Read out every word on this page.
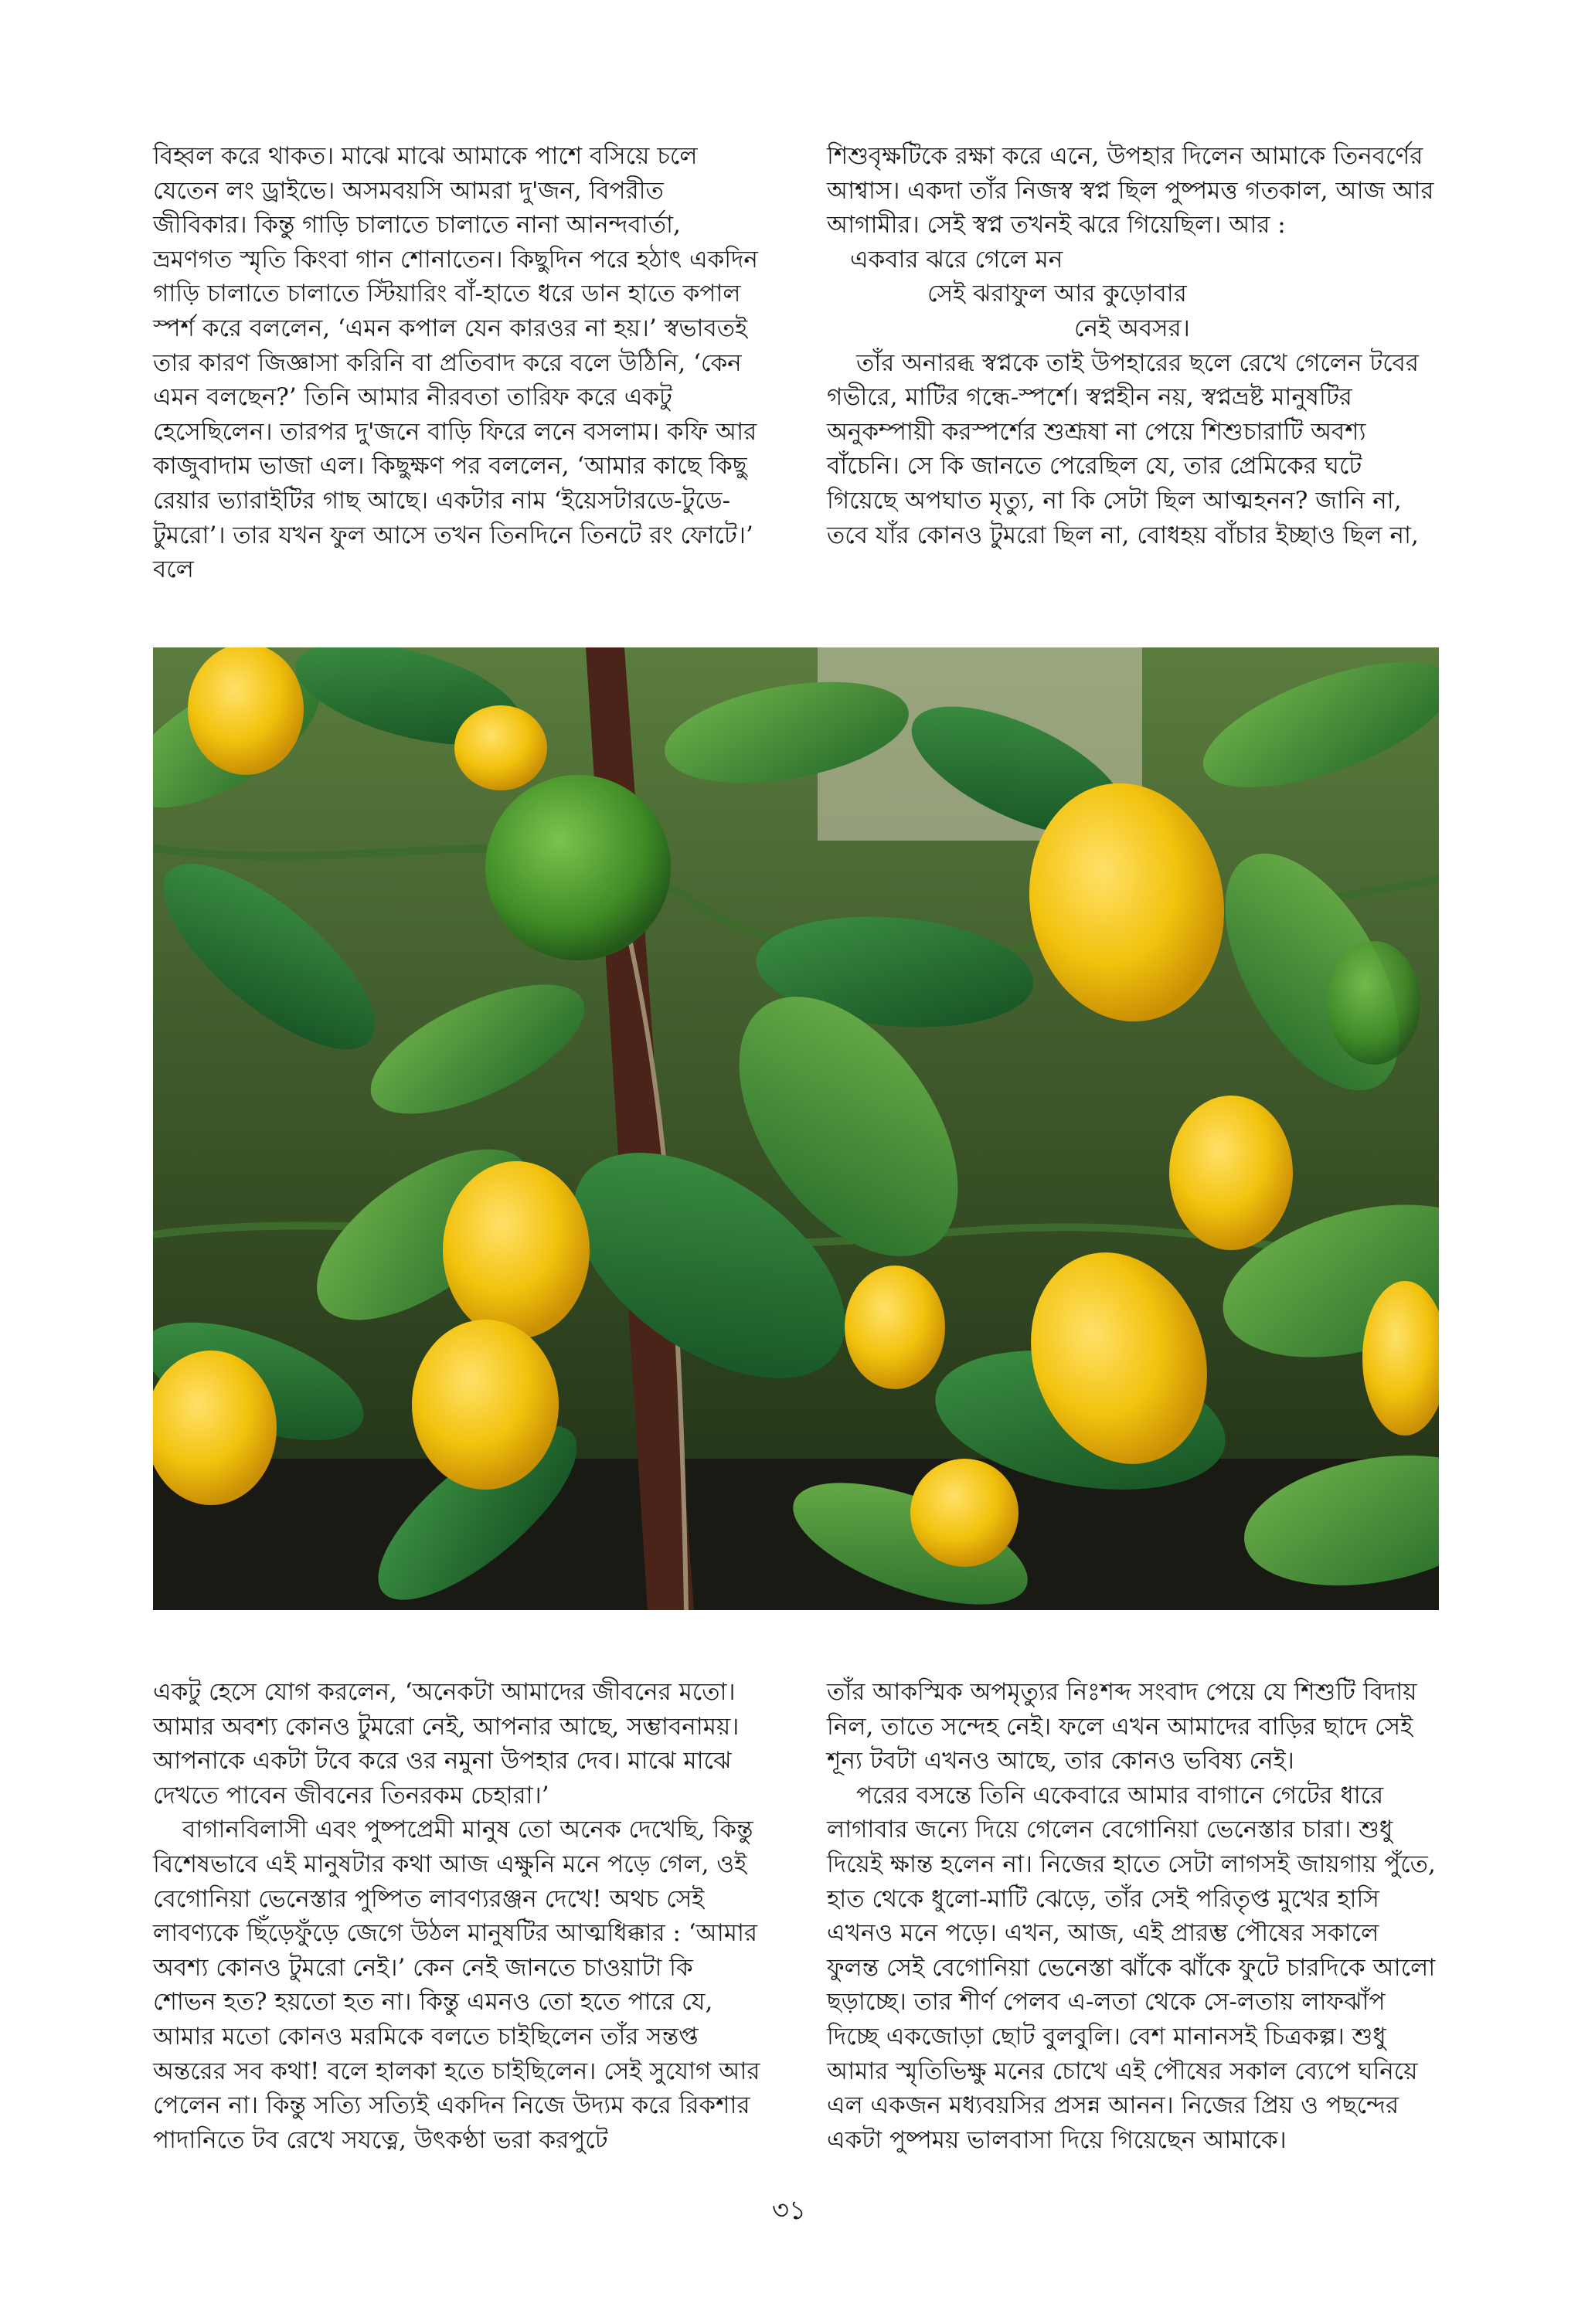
বিহ্বল করে থাকত। মাঝে মাঝে আমাকে পাশে বসিয়ে চলে যেতেন লং ড্রাইভে। অসমবয়সি আমরা দু'জন, বিপরীত জীবিকার। কিন্তু গাড়ি চালাতে চালাতে নানা আনন্দবার্তা, ভ্রমণগত স্মৃতি কিংবা গান শোনাতেন। কিছুদিন পরে হঠাৎ একদিন গাড়ি চালাতে চালাতে স্টিয়ারিং বাঁ-হাতে ধরে ডান হাতে কপাল স্পর্শ করে বললেন, ‘এমন কপাল যেন কারওর না হয়।’ স্বভাবতই তার কারণ জিজ্ঞাসা করিনি বা প্রতিবাদ করে বলে উঠিনি, ‘কেন এমন বলছেন?’ তিনি আমার নীরবতা তারিফ করে একটু হেসেছিলেন। তারপর দু'জনে বাড়ি ফিরে লনে বসলাম। কফি আর কাজুবাদাম ভাজা এল। কিছুক্ষণ পর বললেন, ‘আমার কাছে কিছু রেয়ার ভ্যারাইটির গাছ আছে। একটার নাম ‘ইয়েসটারডে-টুডে-টুমরো’। তার যখন ফুল আসে তখন তিনদিনে তিনটে রং ফোটে।’ বলে

শিশুবৃক্ষটিকে রক্ষা করে এনে, উপহার দিলেন আমাকে তিনবর্ণের আশ্বাস। একদা তাঁর নিজস্ব স্বপ্ন ছিল পুষ্পমত্ত গতকাল, আজ আর আগামীর। সেই স্বপ্ন তখনই ঝরে গিয়েছিল। আর :

একবার ঝরে গেলে মন

সেই ঝরাফুল আর কুড়োবার

নেই অবসর।

তাঁর অনারব্ধ স্বপ্নকে তাই উপহারের ছলে রেখে গেলেন টবের গভীরে, মাটির গন্ধে-স্পর্শে। স্বপ্নহীন নয়, স্বপ্নভ্রষ্ট মানুষটির অনুকম্পায়ী করস্পর্শের শুশ্রূষা না পেয়ে শিশুচারাটি অবশ্য বাঁচেনি। সে কি জানতে পেরেছিল যে, তার প্রেমিকের ঘটে গিয়েছে অপঘাত মৃত্যু, না কি সেটা ছিল আত্মহনন? জানি না, তবে যাঁর কোনও টুমরো ছিল না, বোধহয় বাঁচার ইচ্ছাও ছিল না,

একটু হেসে যোগ করলেন, ‘অনেকটা আমাদের জীবনের মতো। আমার অবশ্য কোনও টুমরো নেই, আপনার আছে, সম্ভাবনাময়। আপনাকে একটা টবে করে ওর নমুনা উপহার দেব। মাঝে মাঝে দেখতে পাবেন জীবনের তিনরকম চেহারা।’

বাগানবিলাসী এবং পুষ্পপ্রেমী মানুষ তো অনেক দেখেছি, কিন্তু বিশেষভাবে এই মানুষটার কথা আজ এক্ষুনি মনে পড়ে গেল, ওই বেগোনিয়া ভেনেস্তার পুষ্পিত লাবণ্যরঞ্জন দেখে! অথচ সেই লাবণ্যকে ছিঁড়েফুঁড়ে জেগে উঠল মানুষটির আত্মধিক্কার : ‘আমার অবশ্য কোনও টুমরো নেই।’ কেন নেই জানতে চাওয়াটা কি শোভন হত? হয়তো হত না। কিন্তু এমনও তো হতে পারে যে, আমার মতো কোনও মরমিকে বলতে চাইছিলেন তাঁর সন্তপ্ত অন্তরের সব কথা! বলে হালকা হতে চাইছিলেন। সেই সুযোগ আর পেলেন না। কিন্তু সত্যি সত্যিই একদিন নিজে উদ্যম করে রিকশার পাদানিতে টব রেখে সযত্নে, উৎকণ্ঠা ভরা করপুটে

তাঁর আকস্মিক অপমৃত্যুর নিঃশব্দ সংবাদ পেয়ে যে শিশুটি বিদায় নিল, তাতে সন্দেহ নেই। ফলে এখন আমাদের বাড়ির ছাদে সেই শূন্য টবটা এখনও আছে, তার কোনও ভবিষ্য নেই।

পরের বসন্তে তিনি একেবারে আমার বাগানে গেটের ধারে লাগাবার জন্যে দিয়ে গেলেন বেগোনিয়া ভেনেস্তার চারা। শুধু দিয়েই ক্ষান্ত হলেন না। নিজের হাতে সেটা লাগসই জায়গায় পুঁতে, হাত থেকে ধুলো-মাটি ঝেড়ে, তাঁর সেই পরিতৃপ্ত মুখের হাসি এখনও মনে পড়ে। এখন, আজ, এই প্রারম্ভ পৌষের সকালে ফুলন্ত সেই বেগোনিয়া ভেনেস্তা ঝাঁকে ঝাঁকে ফুটে চারদিকে আলো ছড়াচ্ছে। তার শীর্ণ পেলব এ-লতা থেকে সে-লতায় লাফঝাঁপ দিচ্ছে একজোড়া ছোট বুলবুলি। বেশ মানানসই চিত্রকল্প। শুধু আমার স্মৃতিভিক্ষু মনের চোখে এই পৌষের সকাল ব্যেপে ঘনিয়ে এল একজন মধ্যবয়সির প্রসন্ন আনন। নিজের প্রিয় ও পছন্দের একটা পুষ্পময় ভালবাসা দিয়ে গিয়েছেন আমাকে।

৩১
